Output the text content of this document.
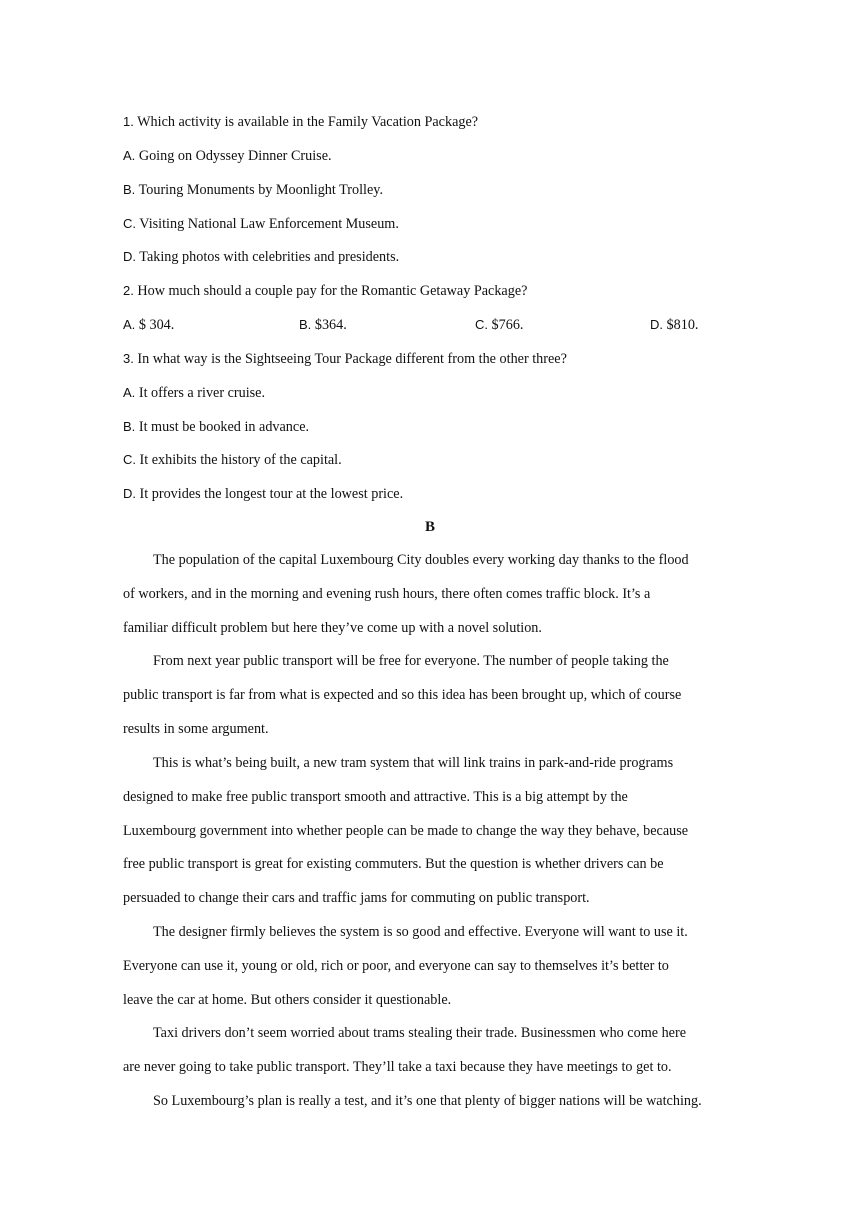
1. Which activity is available in the Family Vacation Package?
A. Going on Odyssey Dinner Cruise.
B. Touring Monuments by Moonlight Trolley.
C. Visiting National Law Enforcement Museum.
D. Taking photos with celebrities and presidents.
2. How much should a couple pay for the Romantic Getaway Package?
A. $ 304.	B. $364.	C. $766.	D. $810.
3. In what way is the Sightseeing Tour Package different from the other three?
A. It offers a river cruise.
B. It must be booked in advance.
C. It exhibits the history of the capital.
D. It provides the longest tour at the lowest price.
B
The population of the capital Luxembourg City doubles every working day thanks to the flood
of workers, and in the morning and evening rush hours, there often comes traffic block. It’s a
familiar difficult problem but here they’ve come up with a novel solution.
From next year public transport will be free for everyone. The number of people taking the
public transport is far from what is expected and so this idea has been brought up, which of course
results in some argument.
This is what’s being built, a new tram system that will link trains in park-and-ride programs
designed to make free public transport smooth and attractive. This is a big attempt by the
Luxembourg government into whether people can be made to change the way they behave, because
free public transport is great for existing commuters. But the question is whether drivers can be
persuaded to change their cars and traffic jams for commuting on public transport.
The designer firmly believes the system is so good and effective. Everyone will want to use it.
Everyone can use it, young or old, rich or poor, and everyone can say to themselves it’s better to
leave the car at home. But others consider it questionable.
Taxi drivers don’t seem worried about trams stealing their trade. Businessmen who come here
are never going to take public transport. They’ll take a taxi because they have meetings to get to.
So Luxembourg’s plan is really a test, and it’s one that plenty of bigger nations will be watching.
